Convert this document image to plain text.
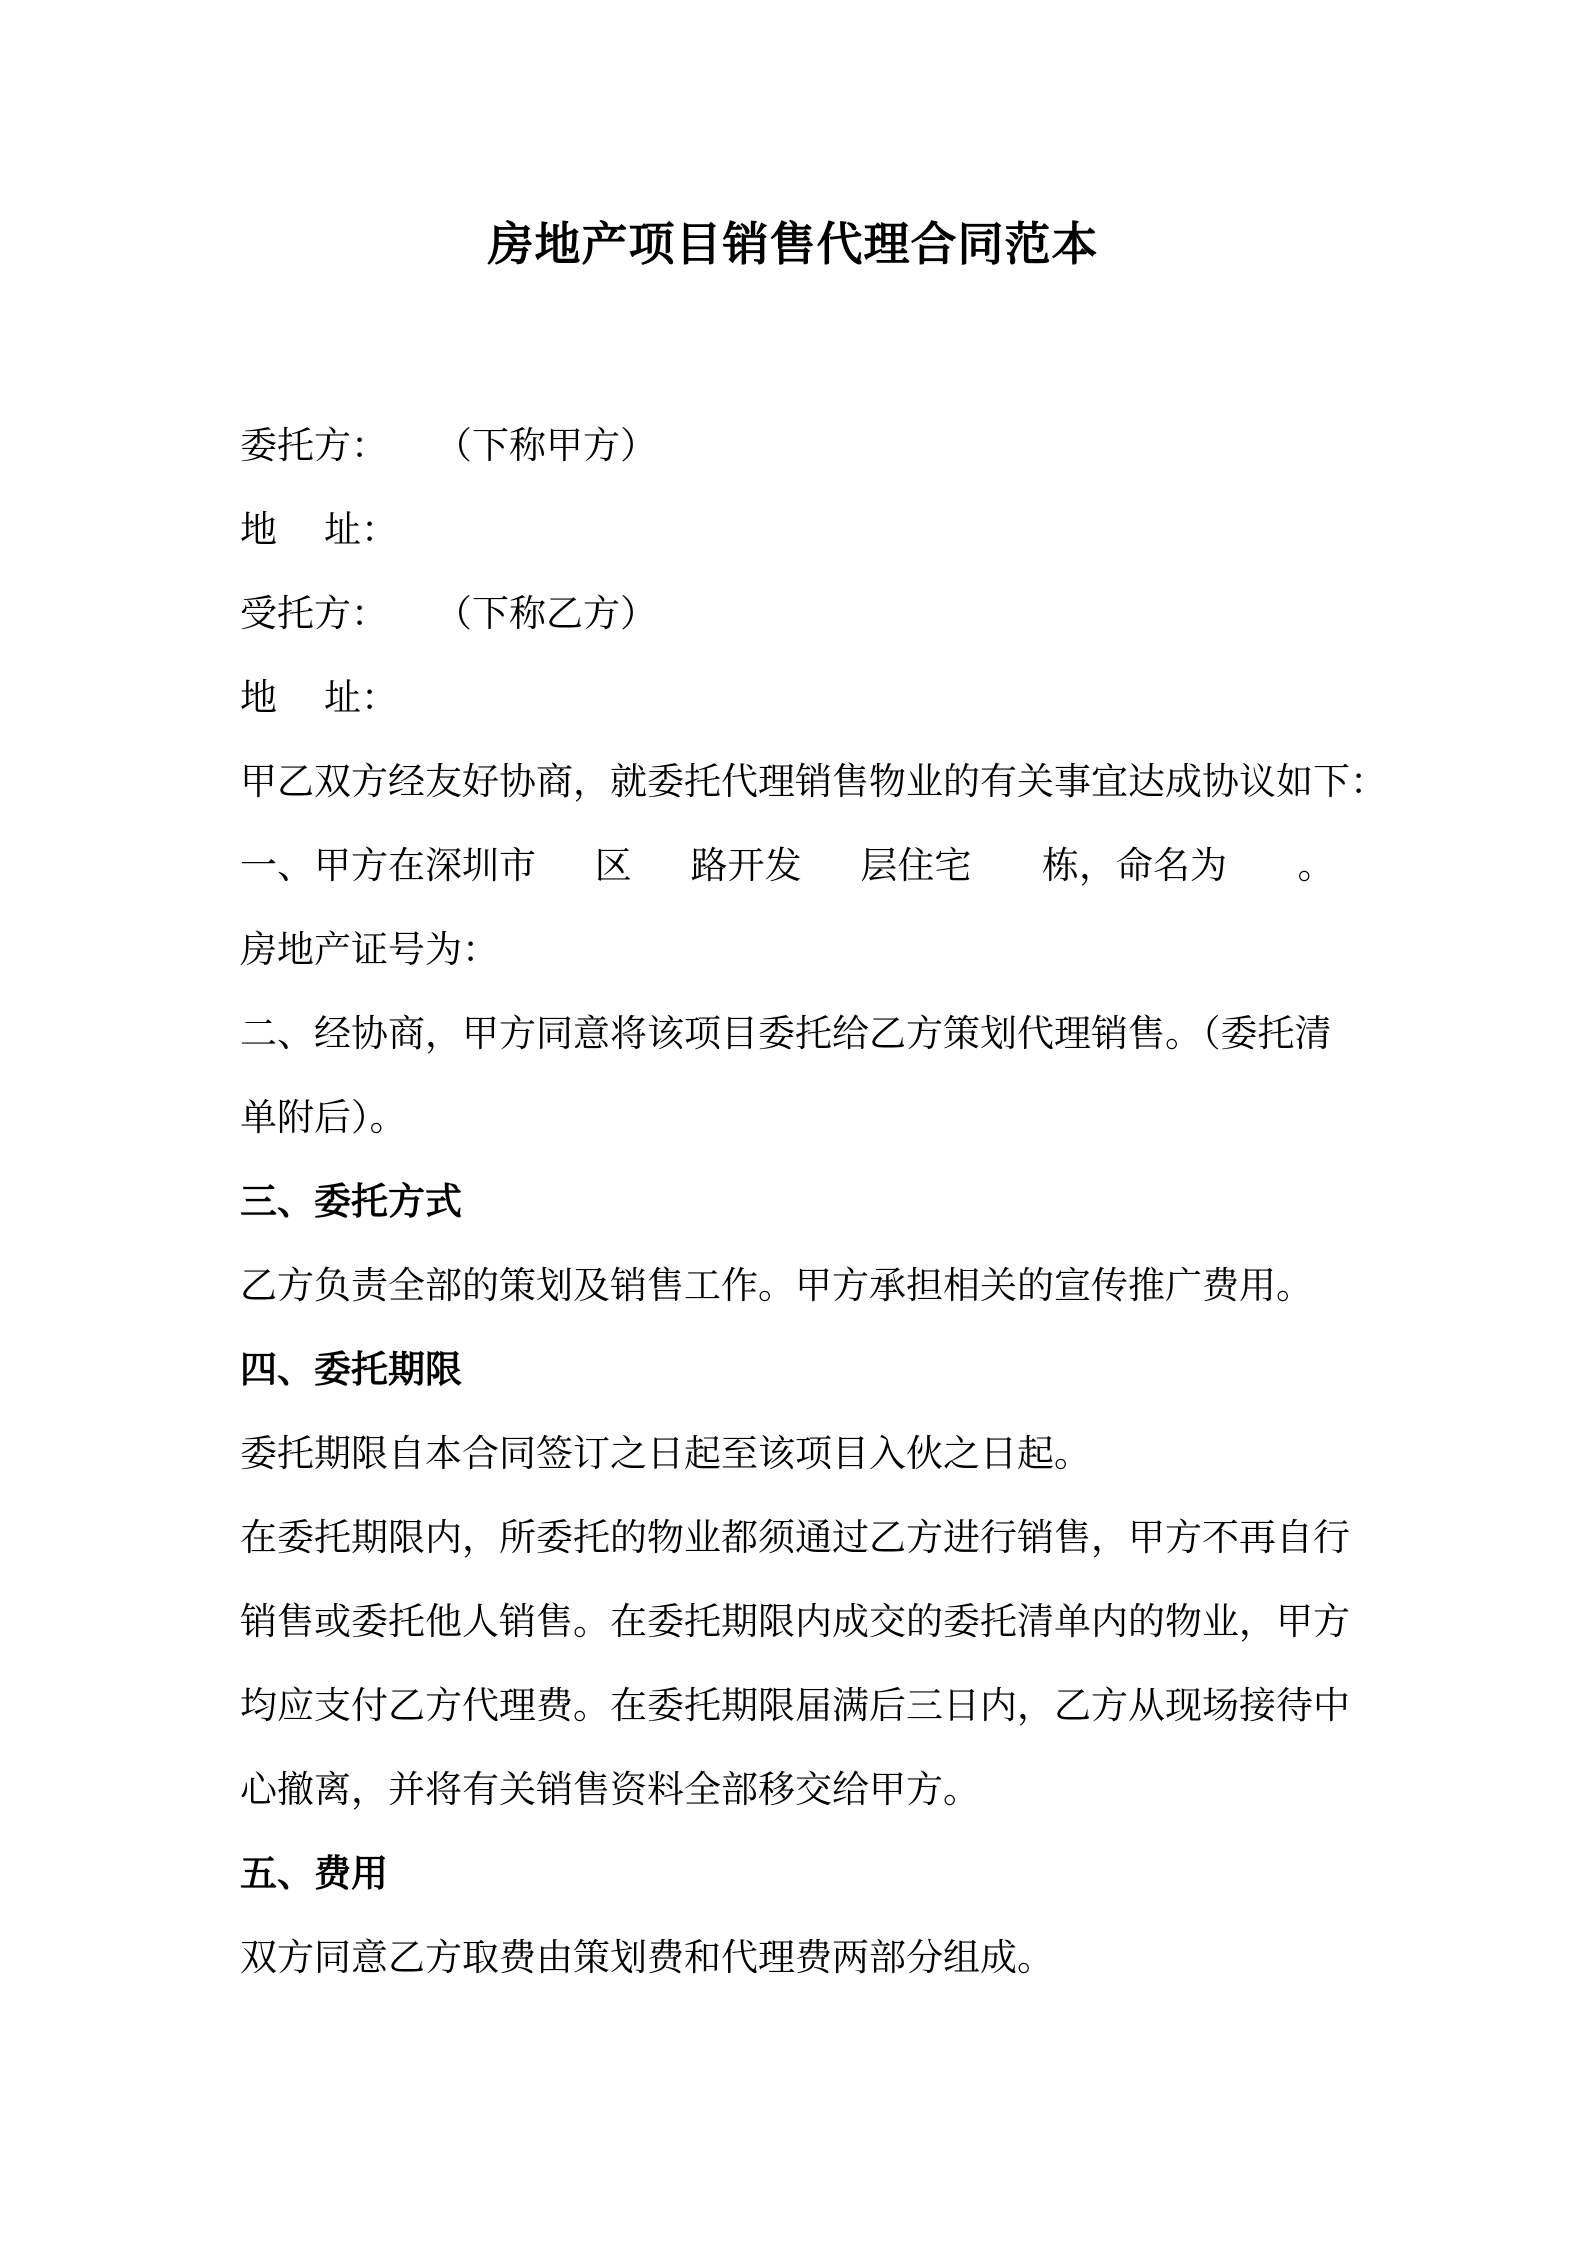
房地产项目销售代理合同范本

委托方：    （下称甲方）

地    址：

受托方：    （下称乙方）

地    址：

甲乙双方经友好协商，就委托代理销售物业的有关事宜达成协议如下：

一、甲方在深圳市     区     路开发     层住宅      栋，命名为      。

房地产证号为：

二、经协商，甲方同意将该项目委托给乙方策划代理销售。（委托清

单附后）。

三、委托方式

乙方负责全部的策划及销售工作。甲方承担相关的宣传推广费用。

四、委托期限

委托期限自本合同签订之日起至该项目入伙之日起。

在委托期限内，所委托的物业都须通过乙方进行销售，甲方不再自行

销售或委托他人销售。在委托期限内成交的委托清单内的物业，甲方

均应支付乙方代理费。在委托期限届满后三日内，乙方从现场接待中

心撤离，并将有关销售资料全部移交给甲方。

五、费用

双方同意乙方取费由策划费和代理费两部分组成。
